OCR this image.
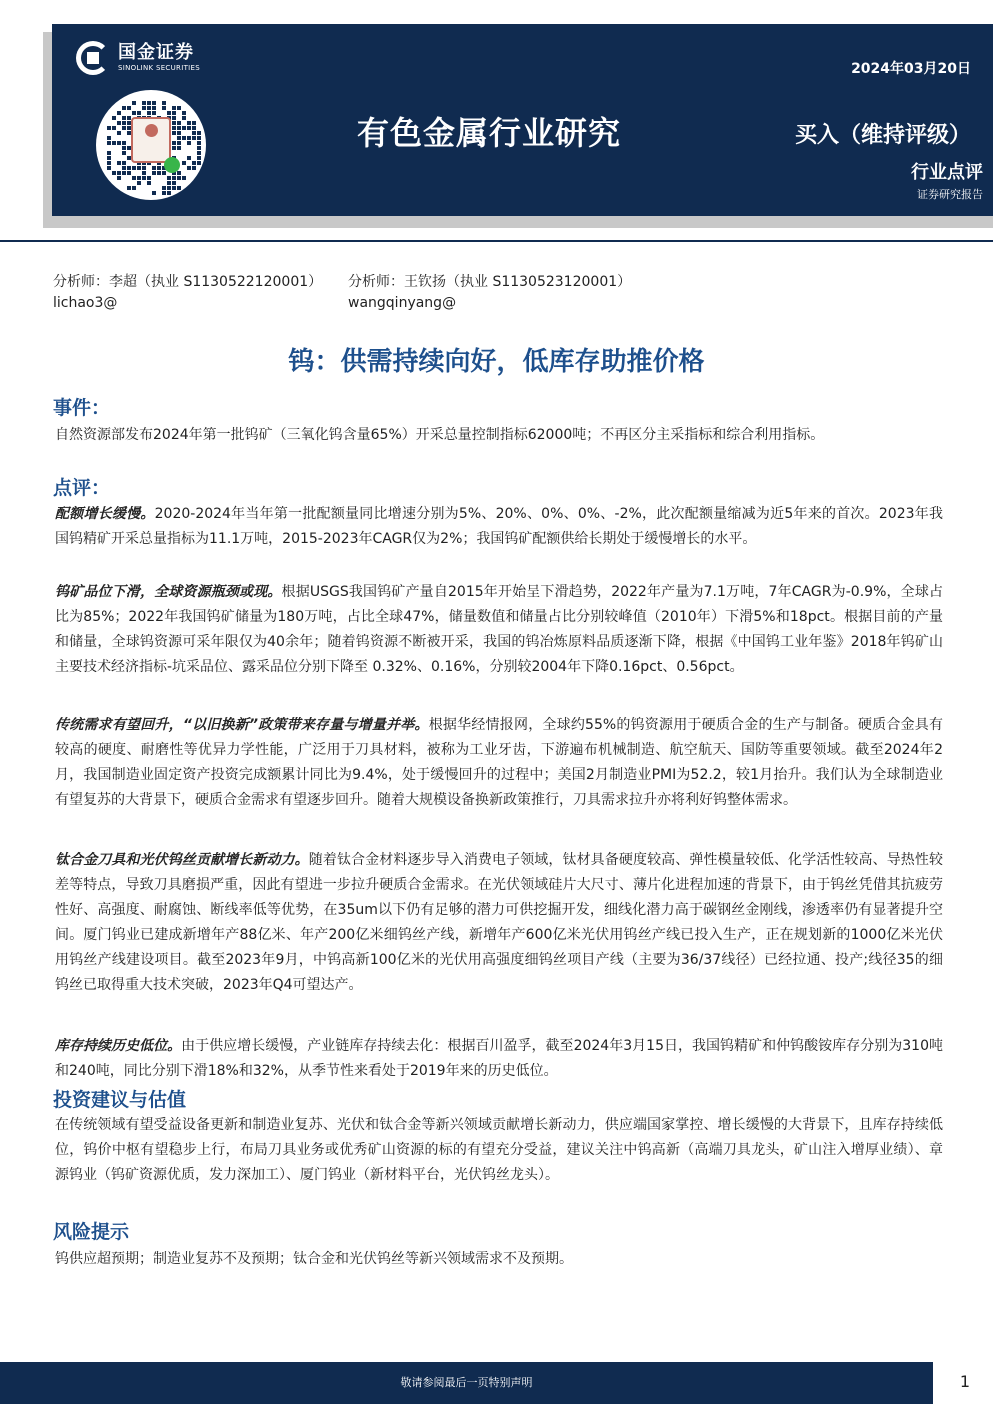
国金证券
SINOLINK SECURITIES
有色金属行业研究
2024年03月20日
买入（维持评级）
行业点评
证券研究报告
分析师：李超（执业 S1130522120001）
lichao3@
分析师：王钦扬（执业 S1130523120001）
wangqinyang@
钨：供需持续向好，低库存助推价格
事件：
自然资源部发布2024年第一批钨矿（三氧化钨含量65%）开采总量控制指标62000吨；不再区分主采指标和综合利用指标。
点评：
配额增长缓慢。2020-2024年当年第一批配额量同比增速分别为5%、20%、0%、0%、-2%，此次配额量缩减为近5年来的首次。2023年我国钨精矿开采总量指标为11.1万吨，2015-2023年CAGR仅为2%；我国钨矿配额供给长期处于缓慢增长的水平。
钨矿品位下滑，全球资源瓶颈或现。根据USGS我国钨矿产量自2015年开始呈下滑趋势，2022年产量为7.1万吨，7年CAGR为-0.9%，全球占比为85%；2022年我国钨矿储量为180万吨，占比全球47%，储量数值和储量占比分别较峰值（2010年）下滑5%和18pct。根据目前的产量和储量，全球钨资源可采年限仅为40余年；随着钨资源不断被开采，我国的钨冶炼原料品质逐渐下降，根据《中国钨工业年鉴》2018年钨矿山主要技术经济指标-坑采品位、露采品位分别下降至 0.32%、0.16%，分别较2004年下降0.16pct、0.56pct。
传统需求有望回升，“以旧换新”政策带来存量与增量并举。根据华经情报网，全球约55%的钨资源用于硬质合金的生产与制备。硬质合金具有较高的硬度、耐磨性等优异力学性能，广泛用于刀具材料，被称为工业牙齿，下游遍布机械制造、航空航天、国防等重要领域。截至2024年2月，我国制造业固定资产投资完成额累计同比为9.4%，处于缓慢回升的过程中；美国2月制造业PMI为52.2，较1月抬升。我们认为全球制造业有望复苏的大背景下，硬质合金需求有望逐步回升。随着大规模设备换新政策推行，刀具需求拉升亦将利好钨整体需求。
钛合金刀具和光伏钨丝贡献增长新动力。随着钛合金材料逐步导入消费电子领域，钛材具备硬度较高、弹性模量较低、化学活性较高、导热性较差等特点，导致刀具磨损严重，因此有望进一步拉升硬质合金需求。在光伏领域硅片大尺寸、薄片化进程加速的背景下，由于钨丝凭借其抗疲劳性好、高强度、耐腐蚀、断线率低等优势，在35um以下仍有足够的潜力可供挖掘开发，细线化潜力高于碳钢丝金刚线，渗透率仍有显著提升空间。厦门钨业已建成新增年产88亿米、年产200亿米细钨丝产线，新增年产600亿米光伏用钨丝产线已投入生产，正在规划新的1000亿米光伏用钨丝产线建设项目。截至2023年9月，中钨高新100亿米的光伏用高强度细钨丝项目产线（主要为36/37线径）已经拉通、投产;线径35的细钨丝已取得重大技术突破，2023年Q4可望达产。
库存持续历史低位。由于供应增长缓慢，产业链库存持续去化：根据百川盈孚，截至2024年3月15日，我国钨精矿和仲钨酸铵库存分别为310吨和240吨，同比分别下滑18%和32%，从季节性来看处于2019年来的历史低位。
投资建议与估值
在传统领域有望受益设备更新和制造业复苏、光伏和钛合金等新兴领域贡献增长新动力，供应端国家掌控、增长缓慢的大背景下，且库存持续低位，钨价中枢有望稳步上行，布局刀具业务或优秀矿山资源的标的有望充分受益，建议关注中钨高新（高端刀具龙头，矿山注入增厚业绩）、章源钨业（钨矿资源优质，发力深加工）、厦门钨业（新材料平台，光伏钨丝龙头）。
风险提示
钨供应超预期；制造业复苏不及预期；钛合金和光伏钨丝等新兴领域需求不及预期。
敬请参阅最后一页特别声明	1
